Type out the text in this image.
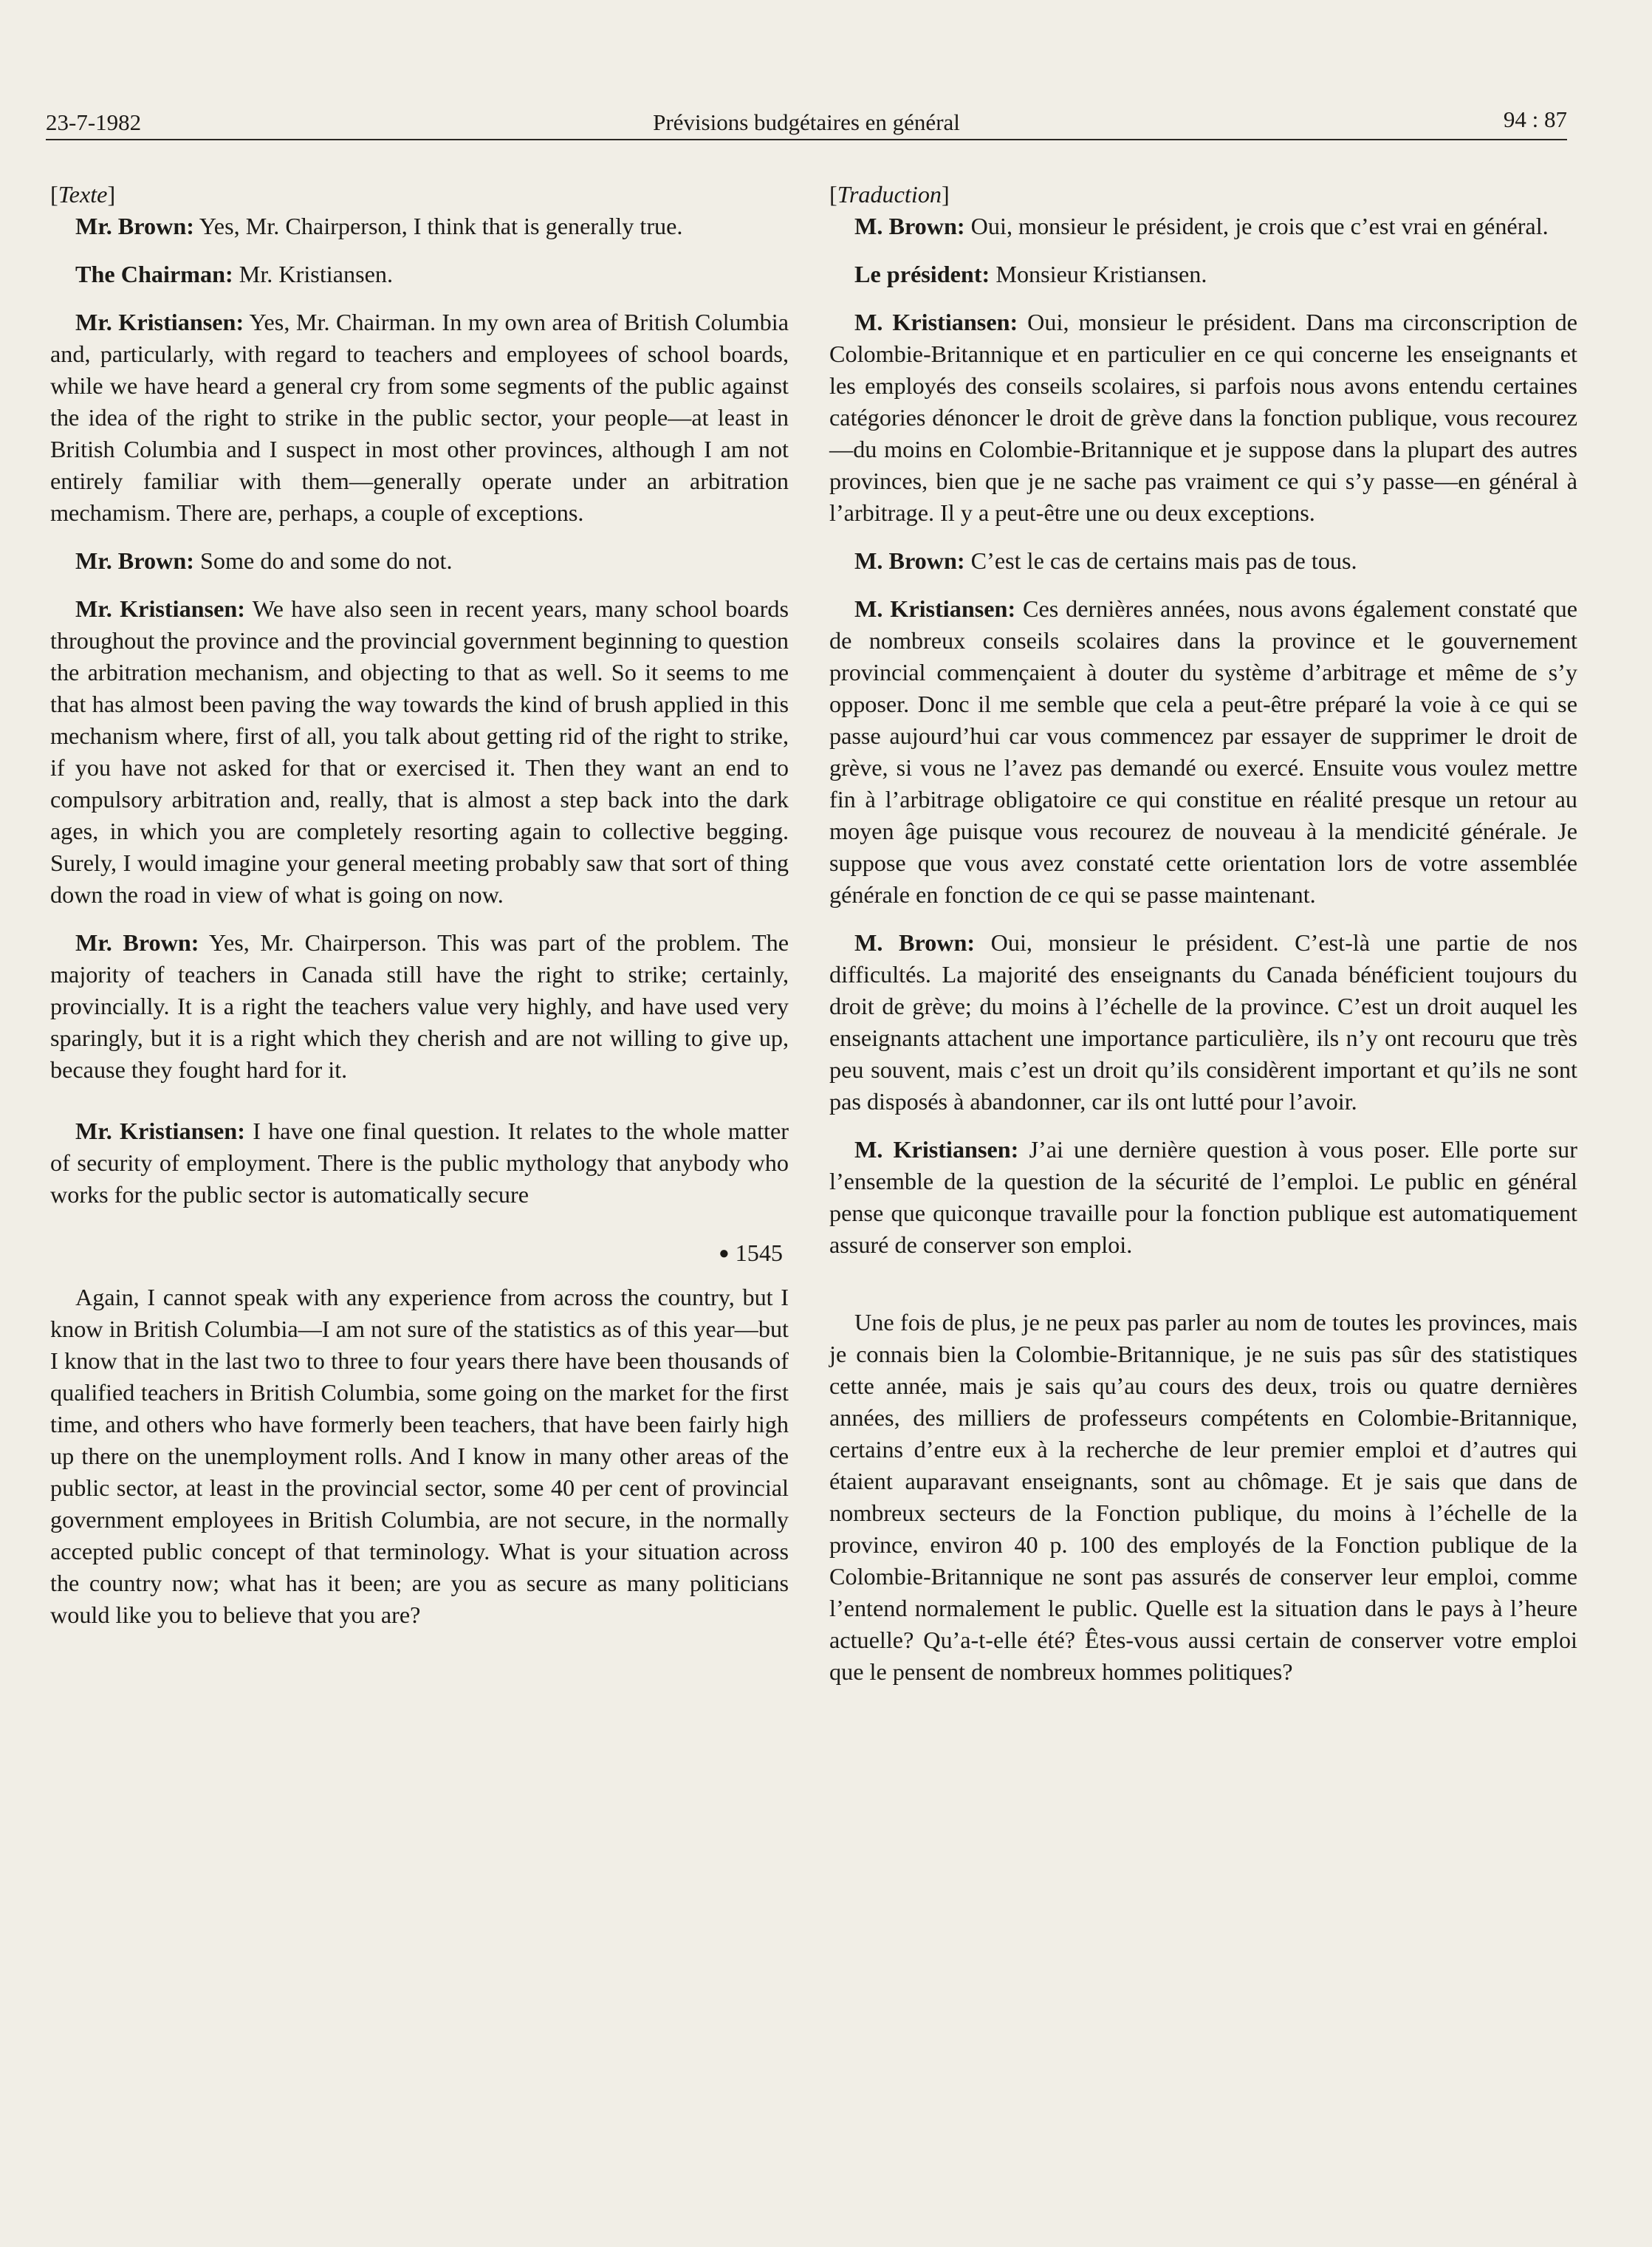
23-7-1982	Prévisions budgétaires en général	94 : 87

[Texte]

Mr. Brown: Yes, Mr. Chairperson, I think that is generally true.

The Chairman: Mr. Kristiansen.

Mr. Kristiansen: Yes, Mr. Chairman. In my own area of British Columbia and, particularly, with regard to teachers and employees of school boards, while we have heard a general cry from some segments of the public against the idea of the right to strike in the public sector, your people—at least in British Columbia and I suspect in most other provinces, although I am not entirely familiar with them—generally operate under an arbitration mechamism. There are, perhaps, a couple of exceptions.

Mr. Brown: Some do and some do not.

Mr. Kristiansen: We have also seen in recent years, many school boards throughout the province and the provincial government beginning to question the arbitration mechanism, and objecting to that as well. So it seems to me that has almost been paving the way towards the kind of brush applied in this mechanism where, first of all, you talk about getting rid of the right to strike, if you have not asked for that or exercised it. Then they want an end to compulsory arbitration and, really, that is almost a step back into the dark ages, in which you are completely resorting again to collective begging. Surely, I would imagine your general meeting probably saw that sort of thing down the road in view of what is going on now.

Mr. Brown: Yes, Mr. Chairperson. This was part of the problem. The majority of teachers in Canada still have the right to strike; certainly, provincially. It is a right the teachers value very highly, and have used very sparingly, but it is a right which they cherish and are not willing to give up, because they fought hard for it.

Mr. Kristiansen: I have one final question. It relates to the whole matter of security of employment. There is the public mythology that anybody who works for the public sector is automatically secure

● 1545

Again, I cannot speak with any experience from across the country, but I know in British Columbia—I am not sure of the statistics as of this year—but I know that in the last two to three to four years there have been thousands of qualified teachers in British Columbia, some going on the market for the first time, and others who have formerly been teachers, that have been fairly high up there on the unemployment rolls. And I know in many other areas of the public sector, at least in the provincial sector, some 40 per cent of provincial government employees in British Columbia, are not secure, in the normally accepted public concept of that terminology. What is your situation across the country now; what has it been; are you as secure as many politicians would like you to believe that you are?

[Traduction]

M. Brown: Oui, monsieur le président, je crois que c’est vrai en général.

Le président: Monsieur Kristiansen.

M. Kristiansen: Oui, monsieur le président. Dans ma circonscription de Colombie-Britannique et en particulier en ce qui concerne les enseignants et les employés des conseils scolaires, si parfois nous avons entendu certaines catégories dénoncer le droit de grève dans la fonction publique, vous recourez—du moins en Colombie-Britannique et je suppose dans la plupart des autres provinces, bien que je ne sache pas vraiment ce qui s’y passe—en général à l’arbitrage. Il y a peut-être une ou deux exceptions.

M. Brown: C’est le cas de certains mais pas de tous.

M. Kristiansen: Ces dernières années, nous avons également constaté que de nombreux conseils scolaires dans la province et le gouvernement provincial commençaient à douter du système d’arbitrage et même de s’y opposer. Donc il me semble que cela a peut-être préparé la voie à ce qui se passe aujourd’hui car vous commencez par essayer de supprimer le droit de grève, si vous ne l’avez pas demandé ou exercé. Ensuite vous voulez mettre fin à l’arbitrage obligatoire ce qui constitue en réalité presque un retour au moyen âge puisque vous recourez de nouveau à la mendicité générale. Je suppose que vous avez constaté cette orientation lors de votre assemblée générale en fonction de ce qui se passe maintenant.

M. Brown: Oui, monsieur le président. C’est-là une partie de nos difficultés. La majorité des enseignants du Canada bénéficient toujours du droit de grève; du moins à l’échelle de la province. C’est un droit auquel les enseignants attachent une importance particulière, ils n’y ont recouru que très peu souvent, mais c’est un droit qu’ils considèrent important et qu’ils ne sont pas disposés à abandonner, car ils ont lutté pour l’avoir.

M. Kristiansen: J’ai une dernière question à vous poser. Elle porte sur l’ensemble de la question de la sécurité de l’emploi. Le public en général pense que quiconque travaille pour la fonction publique est automatiquement assuré de conserver son emploi.

Une fois de plus, je ne peux pas parler au nom de toutes les provinces, mais je connais bien la Colombie-Britannique, je ne suis pas sûr des statistiques cette année, mais je sais qu’au cours des deux, trois ou quatre dernières années, des milliers de professeurs compétents en Colombie-Britannique, certains d’entre eux à la recherche de leur premier emploi et d’autres qui étaient auparavant enseignants, sont au chômage. Et je sais que dans de nombreux secteurs de la Fonction publique, du moins à l’échelle de la province, environ 40 p. 100 des employés de la Fonction publique de la Colombie-Britannique ne sont pas assurés de conserver leur emploi, comme l’entend normalement le public. Quelle est la situation dans le pays à l’heure actuelle? Qu’a-t-elle été? Êtes-vous aussi certain de conserver votre emploi que le pensent de nombreux hommes politiques?
